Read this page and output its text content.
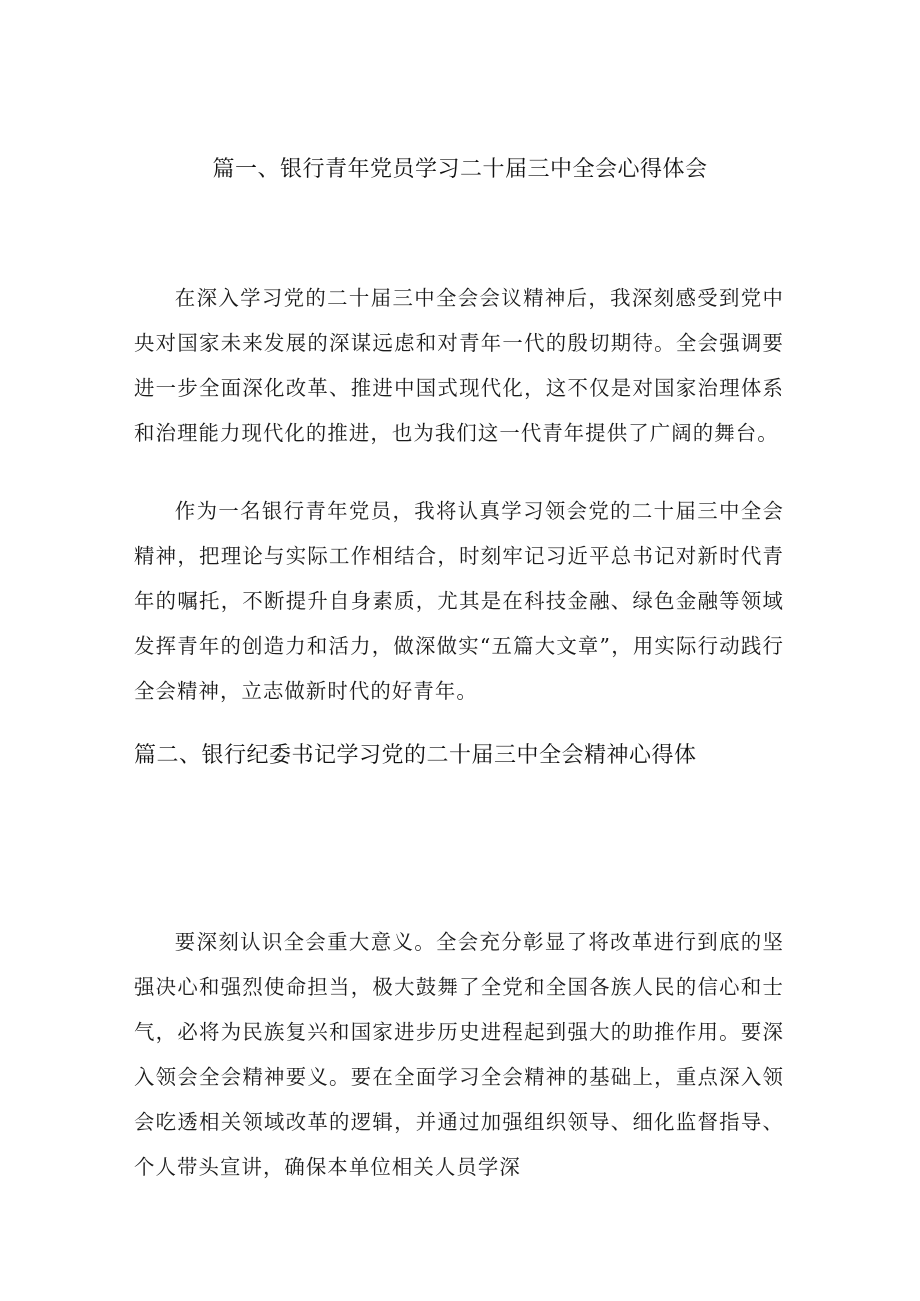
篇一、银行青年党员学习二十届三中全会心得体会

在深入学习党的二十届三中全会会议精神后，我深刻感受到党中央对国家未来发展的深谋远虑和对青年一代的殷切期待。全会强调要进一步全面深化改革、推进中国式现代化，这不仅是对国家治理体系和治理能力现代化的推进，也为我们这一代青年提供了广阔的舞台。

作为一名银行青年党员，我将认真学习领会党的二十届三中全会精神，把理论与实际工作相结合，时刻牢记习近平总书记对新时代青年的嘱托，不断提升自身素质，尤其是在科技金融、绿色金融等领域发挥青年的创造力和活力，做深做实“五篇大文章”，用实际行动践行全会精神，立志做新时代的好青年。

篇二、银行纪委书记学习党的二十届三中全会精神心得体

要深刻认识全会重大意义。全会充分彰显了将改革进行到底的坚强决心和强烈使命担当，极大鼓舞了全党和全国各族人民的信心和士气，必将为民族复兴和国家进步历史进程起到强大的助推作用。要深入领会全会精神要义。要在全面学习全会精神的基础上，重点深入领会吃透相关领域改革的逻辑，并通过加强组织领导、细化监督指导、个人带头宣讲，确保本单位相关人员学深
